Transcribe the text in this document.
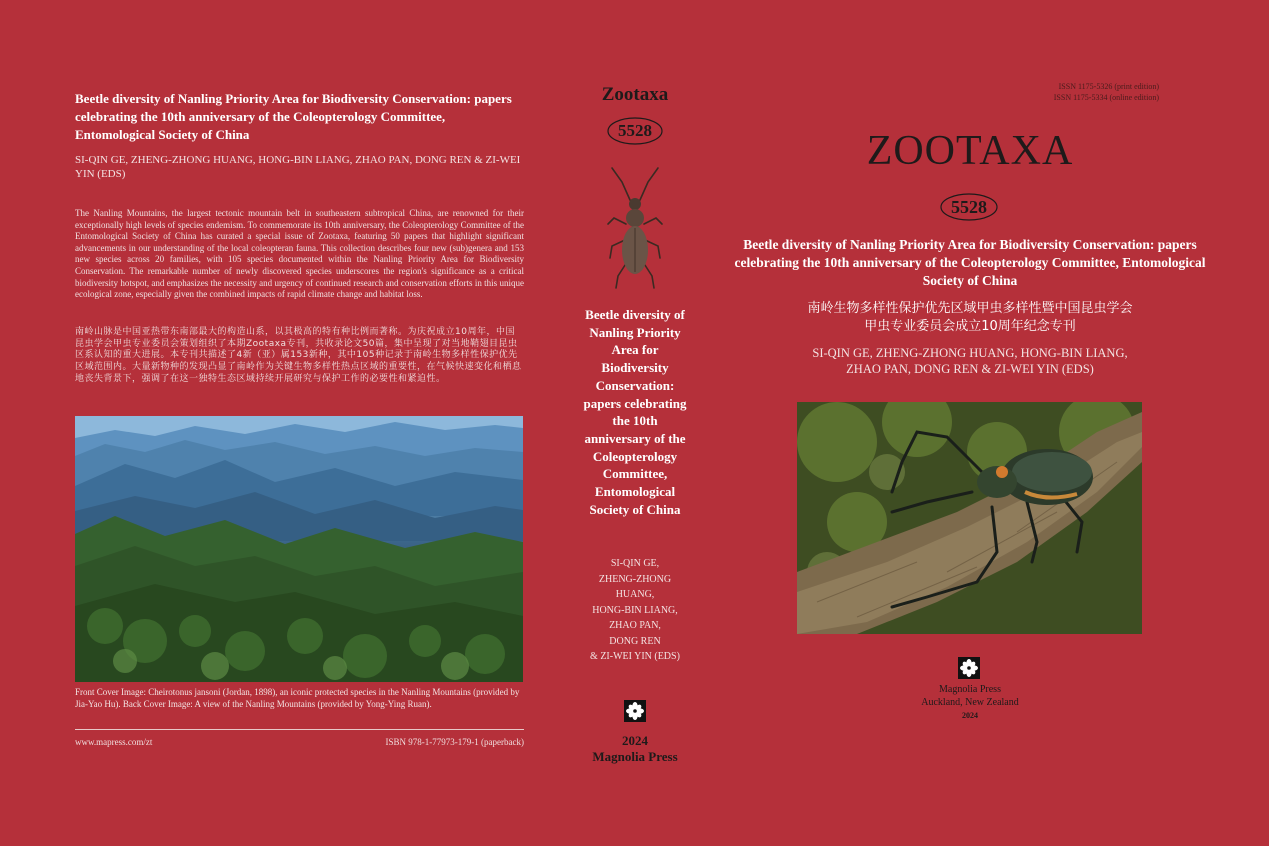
Beetle diversity of Nanling Priority Area for Biodiversity Conservation: papers celebrating the 10th anniversary of the Coleopterology Committee, Entomological Society of China
SI-QIN GE, ZHENG-ZHONG HUANG, HONG-BIN LIANG, ZHAO PAN, DONG REN & ZI-WEI YIN (EDS)
The Nanling Mountains, the largest tectonic mountain belt in southeastern subtropical China, are renowned for their exceptionally high levels of species endemism. To commemorate its 10th anniversary, the Coleopterology Committee of the Entomological Society of China has curated a special issue of Zootaxa, featuring 50 papers that highlight significant advancements in our understanding of the local coleopteran fauna. This collection describes four new (sub)genera and 153 new species across 20 families, with 105 species documented within the Nanling Priority Area for Biodiversity Conservation. The remarkable number of newly discovered species underscores the region's significance as a critical biodiversity hotspot, and emphasizes the necessity and urgency of continued research and conservation efforts in this unique ecological zone, especially given the combined impacts of rapid climate change and habitat loss.
南岭山脉是中国亚热带东南部最大的构造山系，以其极高的特有种比例而著称。为庆祝成立10周年，中国昆虫学会甲虫专业委员会策划组织了本期Zootaxa专刊，共收录论文50篇，集中呈现了对当地鞘翅目昆虫区系认知的重大进展。本专刊共描述了4新（亚）属153新种，其中105种记录于南岭生物多样性保护优先区域范围内。大量新物种的发现凸显了南岭作为关键生物多样性热点区域的重要性，在气候快速变化和栖息地丧失背景下，强调了在这一独特生态区域持续开展研究与保护工作的必要性和紧迫性。
Front Cover Image: Cheirotonus jansoni (Jordan, 1898), an iconic protected species in the Nanling Mountains (provided by Jia-Yao Hu). Back Cover Image: A view of the Nanling Mountains (provided by Yong-Ying Ruan).
www.mapress.com/zt	ISBN 978-1-77973-179-1 (paperback)
Zootaxa
5528
Beetle diversity of Nanling Priority Area for Biodiversity Conservation: papers celebrating the 10th anniversary of the Coleopterology Committee, Entomological Society of China
SI-QIN GE,
ZHENG-ZHONG
HUANG,
HONG-BIN LIANG,
ZHAO PAN,
DONG REN
& ZI-WEI YIN (EDS)
2024
Magnolia Press
ISSN 1175-5326 (print edition)
ISSN 1175-5334 (online edition)
ZOOTAXA
5528
Beetle diversity of Nanling Priority Area for Biodiversity Conservation: papers celebrating the 10th anniversary of the Coleopterology Committee, Entomological Society of China
南岭生物多样性保护优先区域甲虫多样性暨中国昆虫学会
甲虫专业委员会成立10周年纪念专刊
SI-QIN GE, ZHENG-ZHONG HUANG, HONG-BIN LIANG,
ZHAO PAN, DONG REN & ZI-WEI YIN (EDS)
Magnolia Press
Auckland, New Zealand
2024
